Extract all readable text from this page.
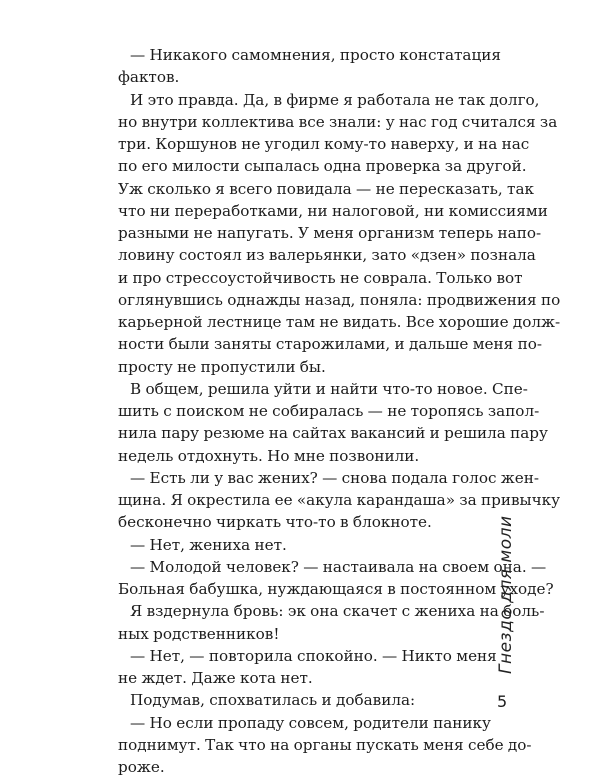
— Никакого самомнения, просто констатация
фактов.
И это правда. Да, в фирме я работала не так долго,
но внутри коллектива все знали: у нас год считался за
три. Коршунов не угодил кому-то наверху, и на нас
по его милости сыпалась одна проверка за другой.
Уж сколько я всего повидала — не пересказать, так
что ни переработками, ни налоговой, ни комиссиями
разными не напугать. У меня организм теперь напо-
ловину состоял из валерьянки, зато «дзен» познала
и про стрессоустойчивость не соврала. Только вот
оглянувшись однажды назад, поняла: продвижения по
карьерной лестнице там не видать. Все хорошие долж-
ности были заняты старожилами, и дальше меня по-
просту не пропустили бы.
В общем, решила уйти и найти что-то новое. Спе-
шить с поиском не собиралась — не торопясь запол-
нила пару резюме на сайтах вакансий и решила пару
недель отдохнуть. Но мне позвонили.
— Есть ли у вас жених? — снова подала голос жен-
щина. Я окрестила ее «акула карандаша» за привычку
бесконечно чиркать что-то в блокноте.
— Нет, жениха нет.
— Молодой человек? — настаивала на своем она. —
Больная бабушка, нуждающаяся в постоянном уходе?
Я вздернула бровь: эк она скачет с жениха на боль-
ных родственников!
— Нет, — повторила спокойно. — Никто меня
не ждет. Даже кота нет.
Подумав, спохватилась и добавила:
— Но если пропаду совсем, родители панику
поднимут. Так что на органы пускать меня себе до-
роже.
Гнездо для моли
5
